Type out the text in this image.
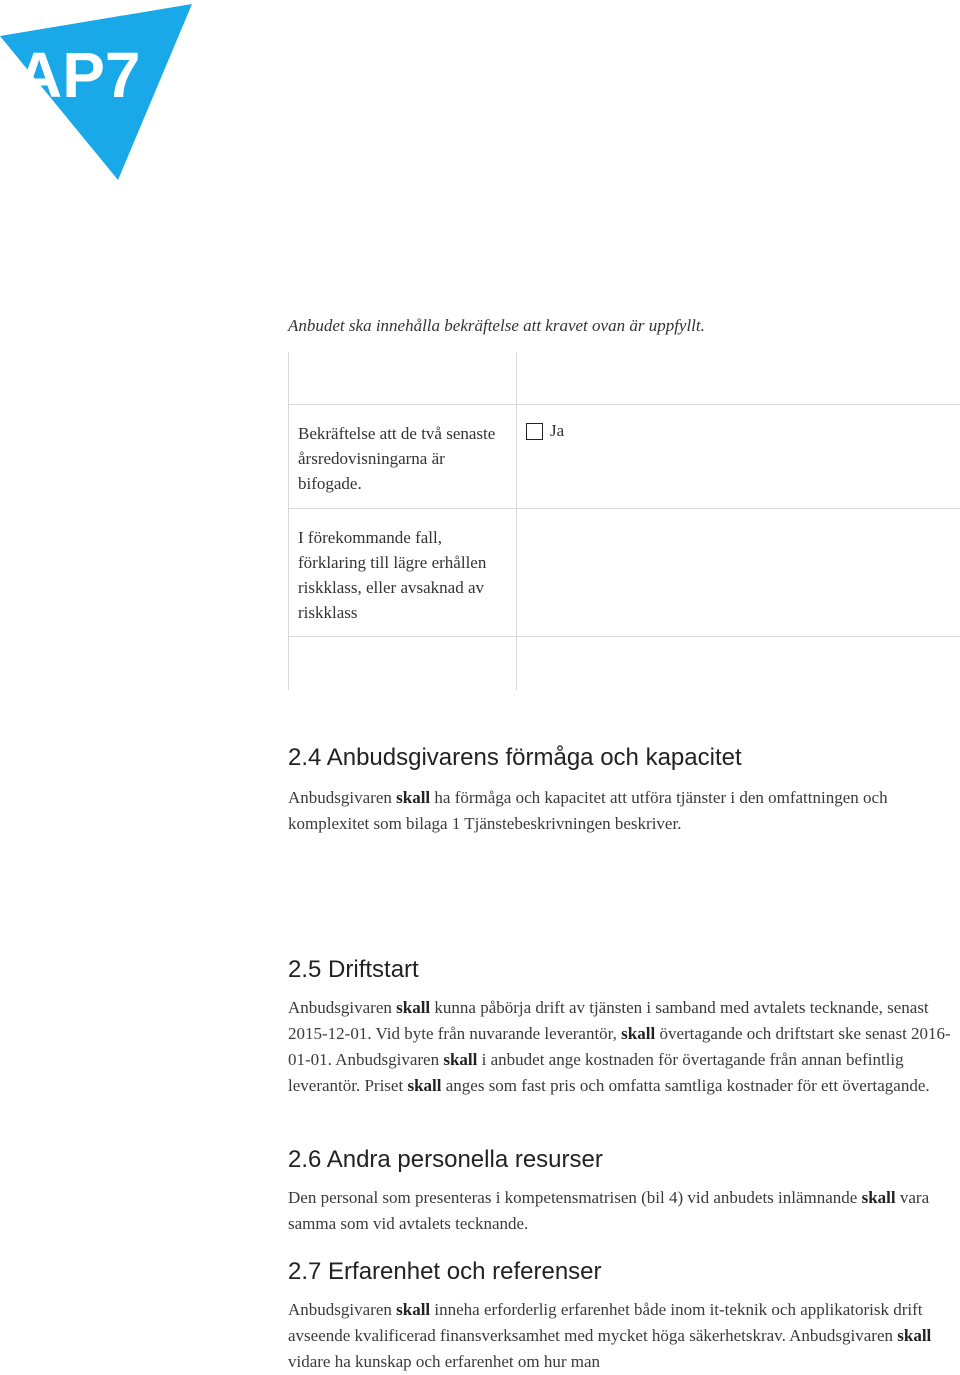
AP7

Anbudet ska innehålla bekräftelse att kravet ovan är uppfyllt.

Bekräftelse att de två senaste årsredovisningarna är bifogade.

Ja

I förekommande fall, förklaring till lägre erhållen riskklass, eller avsaknad av riskklass

2.4 Anbudsgivarens förmåga och kapacitet

Anbudsgivaren skall ha förmåga och kapacitet att utföra tjänster i den omfattningen och komplexitet som bilaga 1 Tjänstebeskrivningen beskriver.

2.5 Driftstart

Anbudsgivaren skall kunna påbörja drift av tjänsten i samband med avtalets tecknande, senast 2015-12-01. Vid byte från nuvarande leverantör, skall övertagande och driftstart ske senast 2016-01-01. Anbudsgivaren skall i anbudet ange kostnaden för övertagande från annan befintlig leverantör. Priset skall anges som fast pris och omfatta samtliga kostnader för ett övertagande.

2.6 Andra personella resurser

Den personal som presenteras i kompetensmatrisen (bil 4) vid anbudets inlämnande skall vara samma som vid avtalets tecknande.

2.7 Erfarenhet och referenser

Anbudsgivaren skall inneha erforderlig erfarenhet både inom it-teknik och applikatorisk drift avseende kvalificerad finansverksamhet med mycket höga säkerhetskrav. Anbudsgivaren skall vidare ha kunskap och erfarenhet om hur man
